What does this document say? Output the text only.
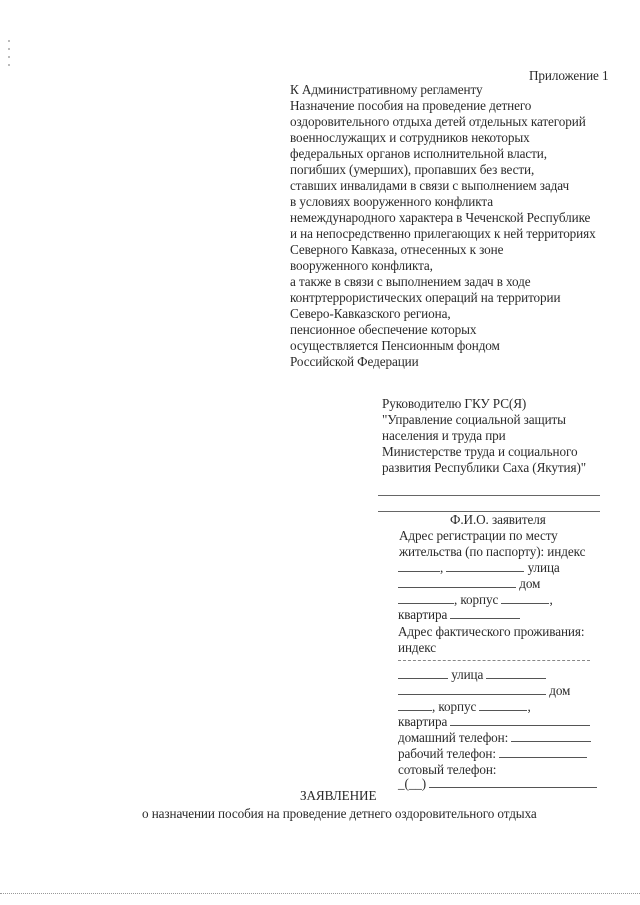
Приложение 1
К Административному регламенту
Назначение пособия на проведение детнего
оздоровительного отдыха детей отдельных категорий
военнослужащих и сотрудников некоторых
федеральных органов исполнительной власти,
погибших (умерших), пропавших без вести,
ставших инвалидами в связи с выполнением задач
в условиях вооруженного конфликта
немеждународного характера в Чеченской Республике
и на непосредственно прилегающих к ней территориях
Северного Кавказа, отнесенных к зоне
вооруженного конфликта,
а также в связи с выполнением задач в ходе
контртеррористических операций на территории
Северо-Кавказского региона,
пенсионное обеспечение которых
осуществляется Пенсионным фондом
Российской Федерации
Руководителю ГКУ РС(Я)
"Управление социальной защиты
населения и труда при
Министерстве труда и социального
развития Республики Саха (Якутия)"
Ф.И.О. заявителя
Адрес регистрации по месту
жительства (по паспорту): индекс
,	улица
дом
, корпус	,
квартира
Адрес фактического проживания:
индекс
улица
дом
, корпус	,
квартира
домашний телефон:
рабочий телефон:
сотовый телефон:
_(__)
ЗАЯВЛЕНИЕ
о назначении пособия на проведение детнего оздоровительного отдыха
